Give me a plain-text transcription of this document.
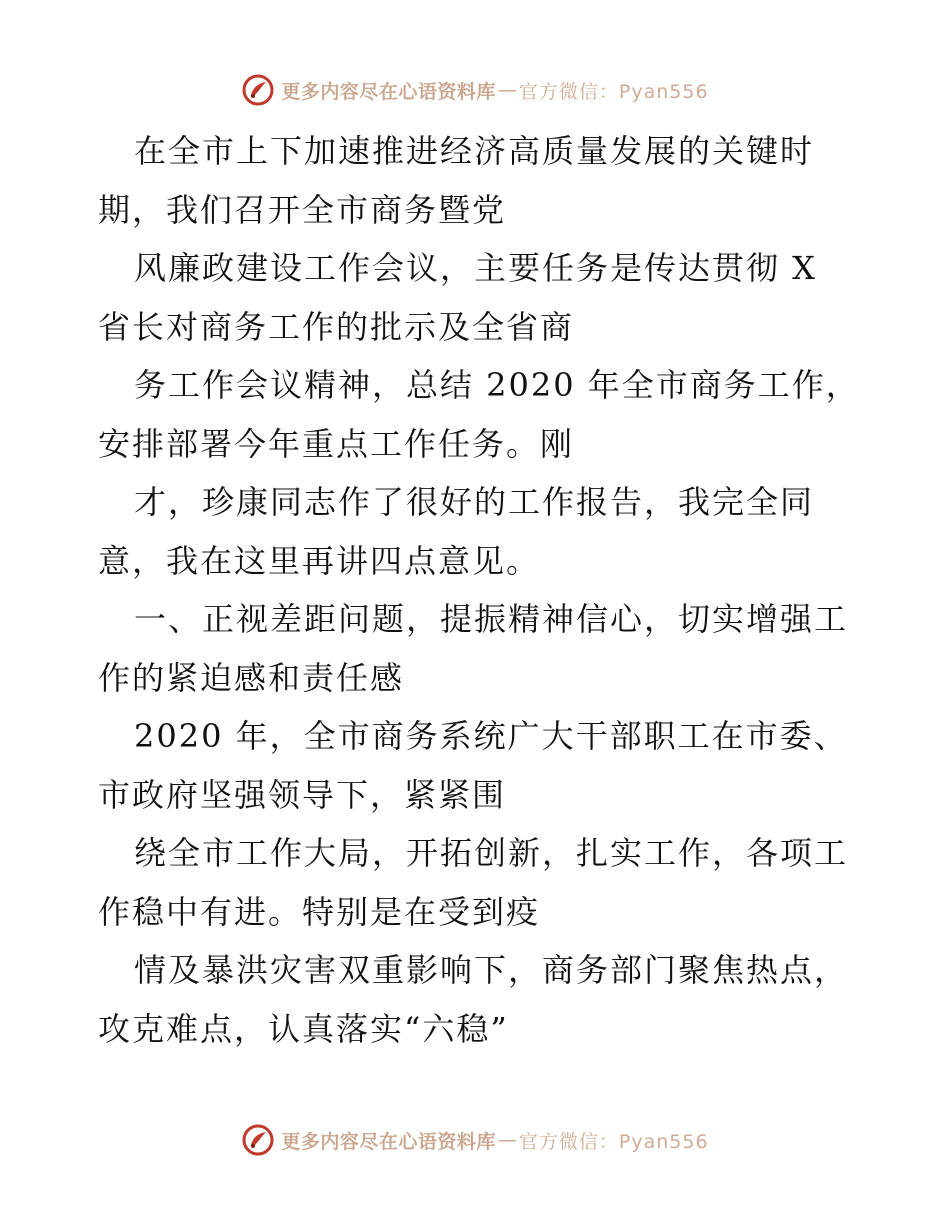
更多内容尽在心语资料库 — 官方微信：Pyan556
在全市上下加速推进经济高质量发展的关键时
期，我们召开全市商务暨党
风廉政建设工作会议，主要任务是传达贯彻 X
省长对商务工作的批示及全省商
务工作会议精神，总结 2020 年全市商务工作，
安排部署今年重点工作任务。刚
才，珍康同志作了很好的工作报告，我完全同
意，我在这里再讲四点意见。
一、正视差距问题，提振精神信心，切实增强工
作的紧迫感和责任感
2020 年，全市商务系统广大干部职工在市委、
市政府坚强领导下，紧紧围
绕全市工作大局，开拓创新，扎实工作，各项工
作稳中有进。特别是在受到疫
情及暴洪灾害双重影响下，商务部门聚焦热点，
攻克难点，认真落实“六稳”
更多内容尽在心语资料库 — 官方微信：Pyan556
